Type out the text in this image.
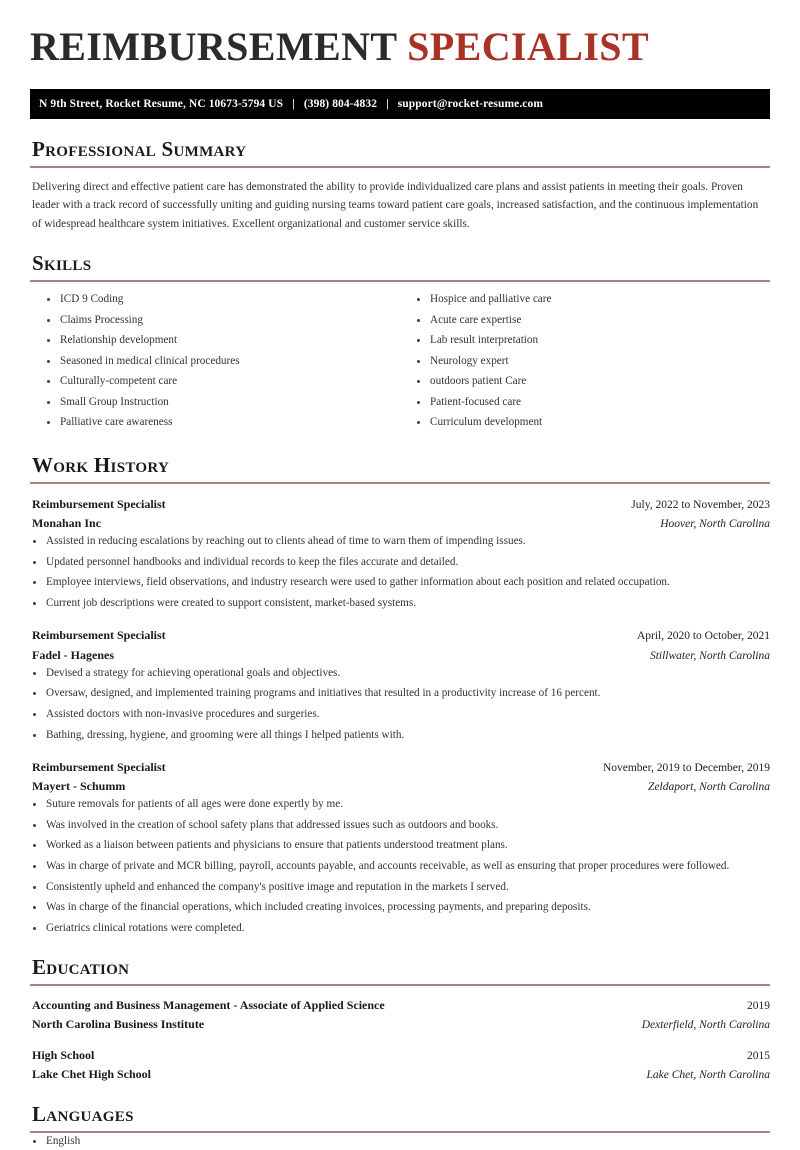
REIMBURSEMENT SPECIALIST
N 9th Street, Rocket Resume, NC 10673-5794 US | (398) 804-4832 | support@rocket-resume.com
Professional Summary
Delivering direct and effective patient care has demonstrated the ability to provide individualized care plans and assist patients in meeting their goals. Proven leader with a track record of successfully uniting and guiding nursing teams toward patient care goals, increased satisfaction, and the continuous implementation of widespread healthcare system initiatives. Excellent organizational and customer service skills.
Skills
ICD 9 Coding
Claims Processing
Relationship development
Seasoned in medical clinical procedures
Culturally-competent care
Small Group Instruction
Palliative care awareness
Hospice and palliative care
Acute care expertise
Lab result interpretation
Neurology expert
outdoors patient Care
Patient-focused care
Curriculum development
Work History
Reimbursement Specialist	July, 2022 to November, 2023
Monahan Inc	Hoover, North Carolina
Assisted in reducing escalations by reaching out to clients ahead of time to warn them of impending issues.
Updated personnel handbooks and individual records to keep the files accurate and detailed.
Employee interviews, field observations, and industry research were used to gather information about each position and related occupation.
Current job descriptions were created to support consistent, market-based systems.
Reimbursement Specialist	April, 2020 to October, 2021
Fadel - Hagenes	Stillwater, North Carolina
Devised a strategy for achieving operational goals and objectives.
Oversaw, designed, and implemented training programs and initiatives that resulted in a productivity increase of 16 percent.
Assisted doctors with non-invasive procedures and surgeries.
Bathing, dressing, hygiene, and grooming were all things I helped patients with.
Reimbursement Specialist	November, 2019 to December, 2019
Mayert - Schumm	Zeldaport, North Carolina
Suture removals for patients of all ages were done expertly by me.
Was involved in the creation of school safety plans that addressed issues such as outdoors and books.
Worked as a liaison between patients and physicians to ensure that patients understood treatment plans.
Was in charge of private and MCR billing, payroll, accounts payable, and accounts receivable, as well as ensuring that proper procedures were followed.
Consistently upheld and enhanced the company's positive image and reputation in the markets I served.
Was in charge of the financial operations, which included creating invoices, processing payments, and preparing deposits.
Geriatrics clinical rotations were completed.
Education
Accounting and Business Management - Associate of Applied Science	2019
North Carolina Business Institute	Dexterfield, North Carolina
High School	2015
Lake Chet High School	Lake Chet, North Carolina
Languages
English
